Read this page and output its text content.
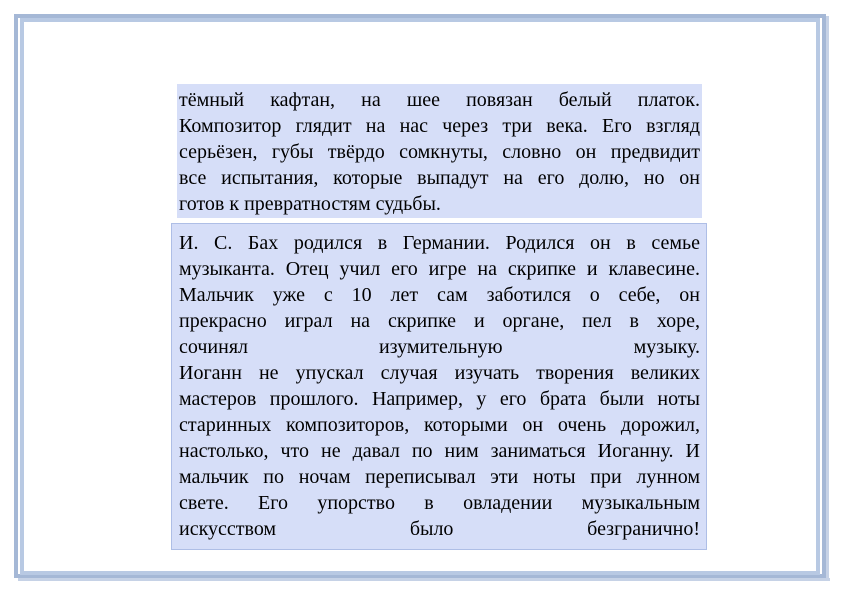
тёмный кафтан, на шее повязан белый платок.
Композитор глядит на нас через три века. Его взгляд
серьёзен, губы твёрдо сомкнуты, словно он предвидит
все испытания, которые выпадут на его долю, но он
готов к превратностям судьбы.
И. С. Бах родился в Германии. Родился он в семье
музыканта. Отец учил его игре на скрипке и клавесине.
Мальчик уже с 10 лет сам заботился о себе, он
прекрасно играл на скрипке и органе, пел в хоре,
сочинял изумительную музыку.
Иоганн не упускал случая изучать творения великих
мастеров прошлого. Например, у его брата были ноты
старинных композиторов, которыми он очень дорожил,
настолько, что не давал по ним заниматься Иоганну. И
мальчик по ночам переписывал эти ноты при лунном
свете. Его упорство в овладении музыкальным
искусством было безгранично!
